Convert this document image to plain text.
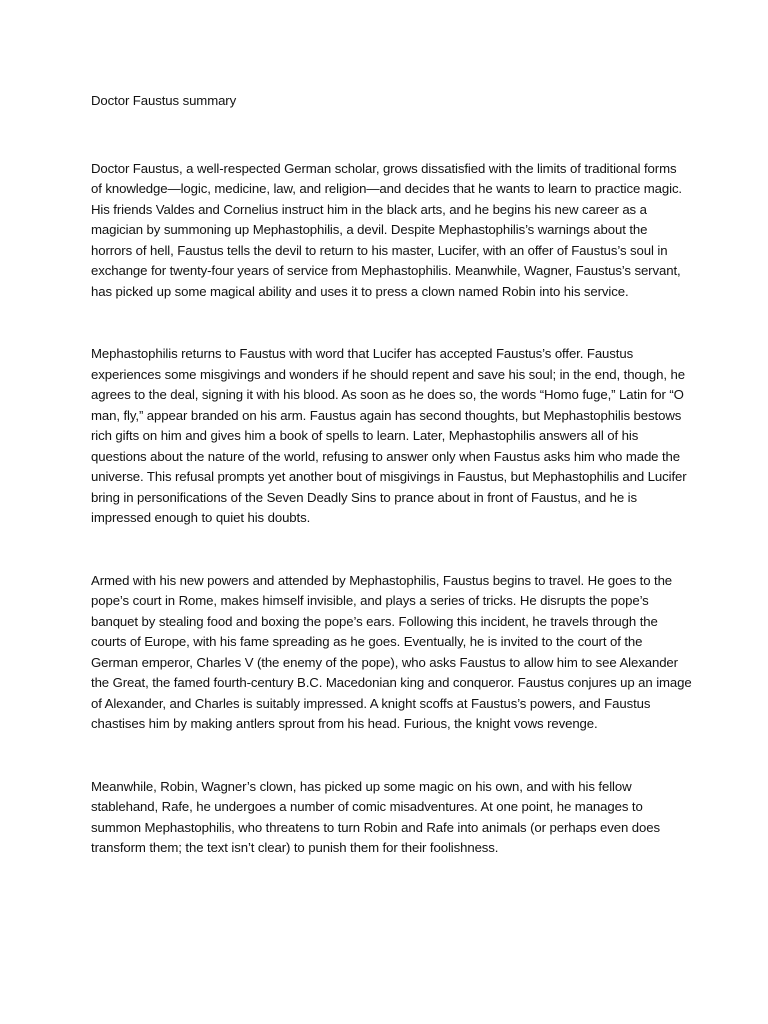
Doctor Faustus summary

Doctor Faustus, a well-respected German scholar, grows dissatisfied with the limits of traditional forms
of knowledge—logic, medicine, law, and religion—and decides that he wants to learn to practice magic.
His friends Valdes and Cornelius instruct him in the black arts, and he begins his new career as a
magician by summoning up Mephastophilis, a devil. Despite Mephastophilis’s warnings about the
horrors of hell, Faustus tells the devil to return to his master, Lucifer, with an offer of Faustus’s soul in
exchange for twenty-four years of service from Mephastophilis. Meanwhile, Wagner, Faustus’s servant,
has picked up some magical ability and uses it to press a clown named Robin into his service.

Mephastophilis returns to Faustus with word that Lucifer has accepted Faustus’s offer. Faustus
experiences some misgivings and wonders if he should repent and save his soul; in the end, though, he
agrees to the deal, signing it with his blood. As soon as he does so, the words “Homo fuge,” Latin for “O
man, fly,” appear branded on his arm. Faustus again has second thoughts, but Mephastophilis bestows
rich gifts on him and gives him a book of spells to learn. Later, Mephastophilis answers all of his
questions about the nature of the world, refusing to answer only when Faustus asks him who made the
universe. This refusal prompts yet another bout of misgivings in Faustus, but Mephastophilis and Lucifer
bring in personifications of the Seven Deadly Sins to prance about in front of Faustus, and he is
impressed enough to quiet his doubts.

Armed with his new powers and attended by Mephastophilis, Faustus begins to travel. He goes to the
pope’s court in Rome, makes himself invisible, and plays a series of tricks. He disrupts the pope’s
banquet by stealing food and boxing the pope’s ears. Following this incident, he travels through the
courts of Europe, with his fame spreading as he goes. Eventually, he is invited to the court of the
German emperor, Charles V (the enemy of the pope), who asks Faustus to allow him to see Alexander
the Great, the famed fourth-century B.C. Macedonian king and conqueror. Faustus conjures up an image
of Alexander, and Charles is suitably impressed. A knight scoffs at Faustus’s powers, and Faustus
chastises him by making antlers sprout from his head. Furious, the knight vows revenge.

Meanwhile, Robin, Wagner’s clown, has picked up some magic on his own, and with his fellow
stablehand, Rafe, he undergoes a number of comic misadventures. At one point, he manages to
summon Mephastophilis, who threatens to turn Robin and Rafe into animals (or perhaps even does
transform them; the text isn’t clear) to punish them for their foolishness.
